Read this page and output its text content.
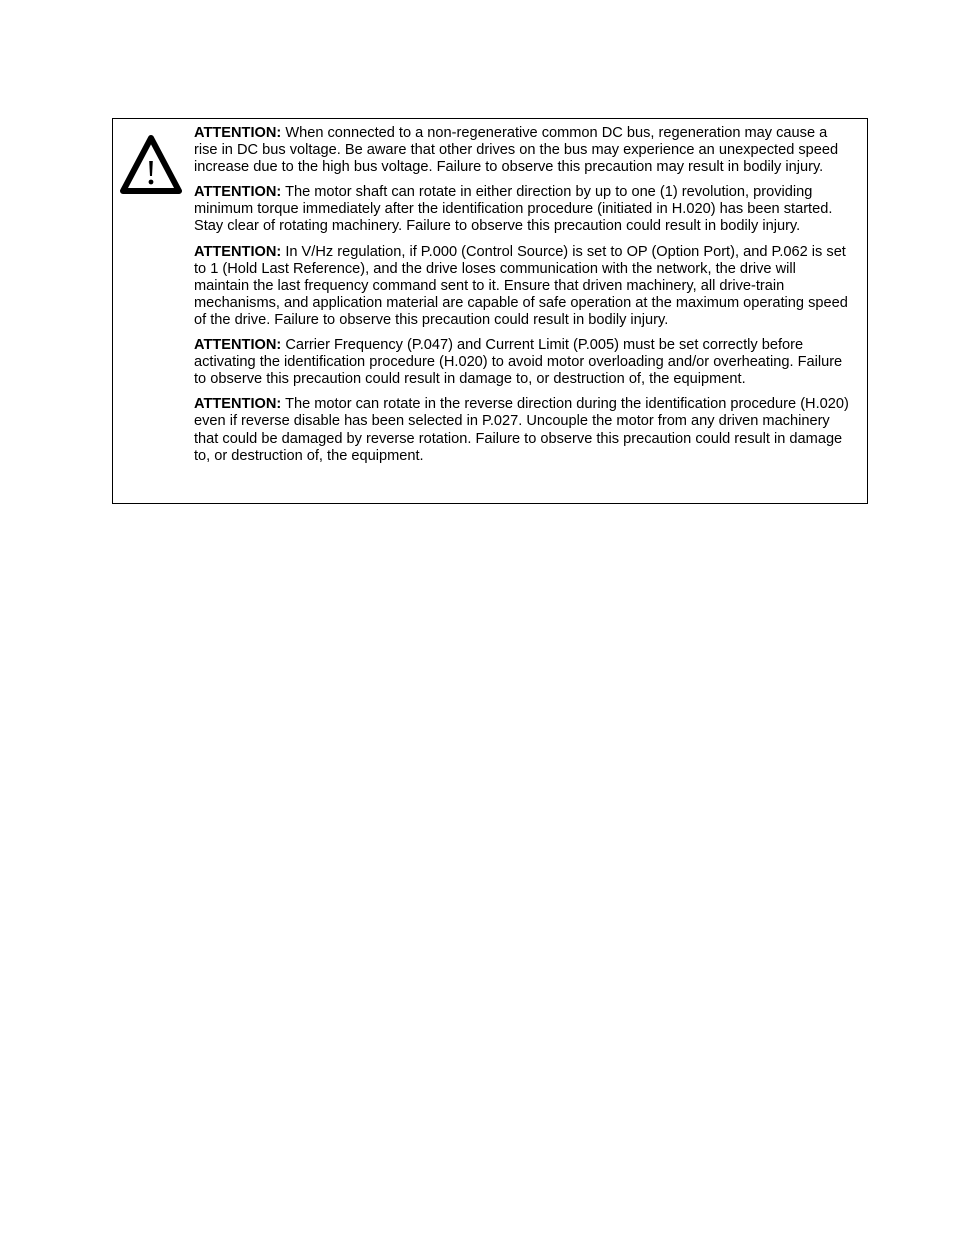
ATTENTION: When connected to a non-regenerative common DC bus, regeneration may cause a rise in DC bus voltage. Be aware that other drives on the bus may experience an unexpected speed increase due to the high bus voltage. Failure to observe this precaution may result in bodily injury.

ATTENTION: The motor shaft can rotate in either direction by up to one (1) revolution, providing minimum torque immediately after the identification procedure (initiated in H.020) has been started. Stay clear of rotating machinery. Failure to observe this precaution could result in bodily injury.

ATTENTION: In V/Hz regulation, if P.000 (Control Source) is set to OP (Option Port), and P.062 is set to 1 (Hold Last Reference), and the drive loses communication with the network, the drive will maintain the last frequency command sent to it. Ensure that driven machinery, all drive-train mechanisms, and application material are capable of safe operation at the maximum operating speed of the drive. Failure to observe this precaution could result in bodily injury.

ATTENTION: Carrier Frequency (P.047) and Current Limit (P.005) must be set correctly before activating the identification procedure (H.020) to avoid motor overloading and/or overheating. Failure to observe this precaution could result in damage to, or destruction of, the equipment.

ATTENTION: The motor can rotate in the reverse direction during the identification procedure (H.020) even if reverse disable has been selected in P.027. Uncouple the motor from any driven machinery that could be damaged by reverse rotation. Failure to observe this precaution could result in damage to, or destruction of, the equipment.
